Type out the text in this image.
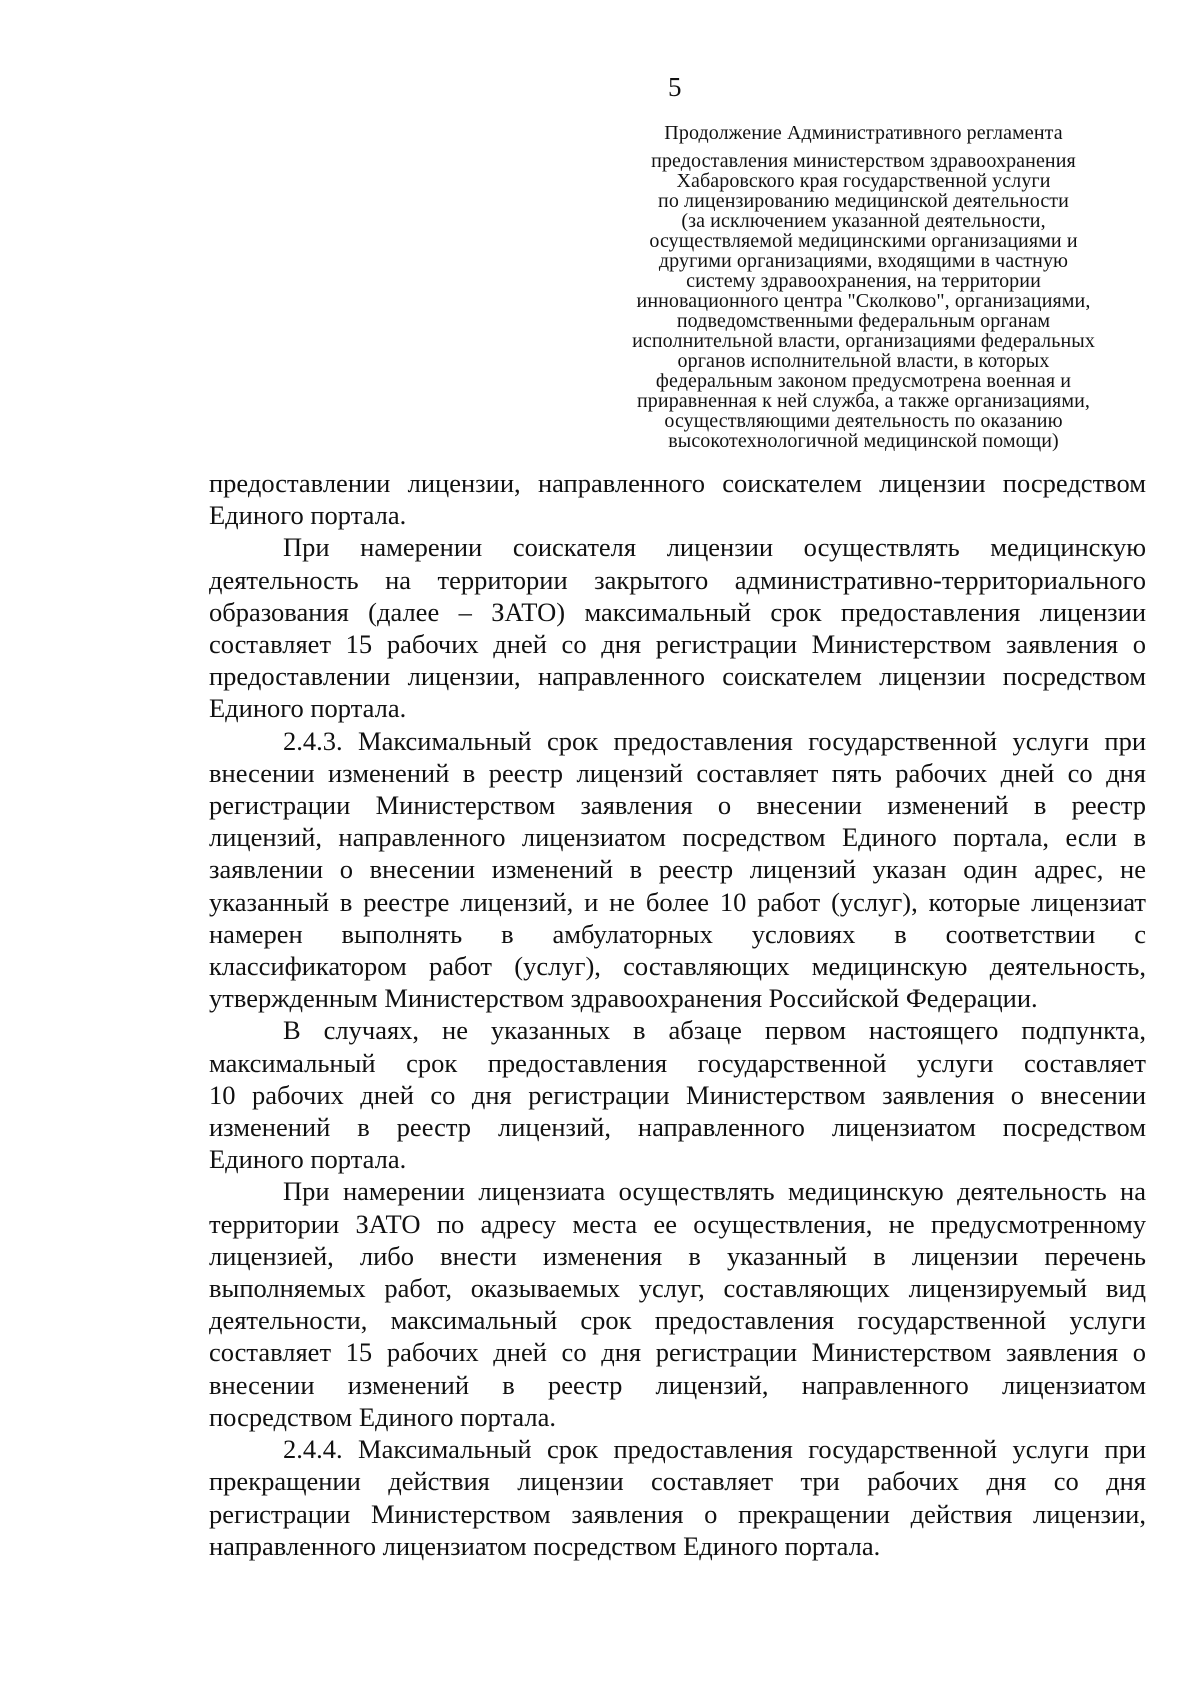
5
Продолжение Административного регламента
предоставления министерством здравоохранения
Хабаровского края государственной услуги
по лицензированию медицинской деятельности
(за исключением указанной деятельности,
осуществляемой медицинскими организациями и
другими организациями, входящими в частную
систему здравоохранения, на территории
инновационного центра "Сколково", организациями,
подведомственными федеральным органам
исполнительной власти, организациями федеральных
органов исполнительной власти, в которых
федеральным законом предусмотрена военная и
приравненная к ней служба, а также организациями,
осуществляющими деятельность по оказанию
высокотехнологичной медицинской помощи)
предоставлении лицензии, направленного соискателем лицензии посредством
Единого портала.
При намерении соискателя лицензии осуществлять медицинскую
деятельность на территории закрытого административно-территориального
образования (далее – ЗАТО) максимальный срок предоставления лицензии
составляет 15 рабочих дней со дня регистрации Министерством заявления о
предоставлении лицензии, направленного соискателем лицензии посредством
Единого портала.
2.4.3. Максимальный срок предоставления государственной услуги при
внесении изменений в реестр лицензий составляет пять рабочих дней со дня
регистрации Министерством заявления о внесении изменений в реестр
лицензий, направленного лицензиатом посредством Единого портала, если в
заявлении о внесении изменений в реестр лицензий указан один адрес, не
указанный в реестре лицензий, и не более 10 работ (услуг), которые лицензиат
намерен выполнять в амбулаторных условиях в соответствии с
классификатором работ (услуг), составляющих медицинскую деятельность,
утвержденным Министерством здравоохранения Российской Федерации.
В случаях, не указанных в абзаце первом настоящего подпункта,
максимальный срок предоставления государственной услуги составляет
10 рабочих дней со дня регистрации Министерством заявления о внесении
изменений в реестр лицензий, направленного лицензиатом посредством
Единого портала.
При намерении лицензиата осуществлять медицинскую деятельность на
территории ЗАТО по адресу места ее осуществления, не предусмотренному
лицензией, либо внести изменения в указанный в лицензии перечень
выполняемых работ, оказываемых услуг, составляющих лицензируемый вид
деятельности, максимальный срок предоставления государственной услуги
составляет 15 рабочих дней со дня регистрации Министерством заявления о
внесении изменений в реестр лицензий, направленного лицензиатом
посредством Единого портала.
2.4.4. Максимальный срок предоставления государственной услуги при
прекращении действия лицензии составляет три рабочих дня со дня
регистрации Министерством заявления о прекращении действия лицензии,
направленного лицензиатом посредством Единого портала.
